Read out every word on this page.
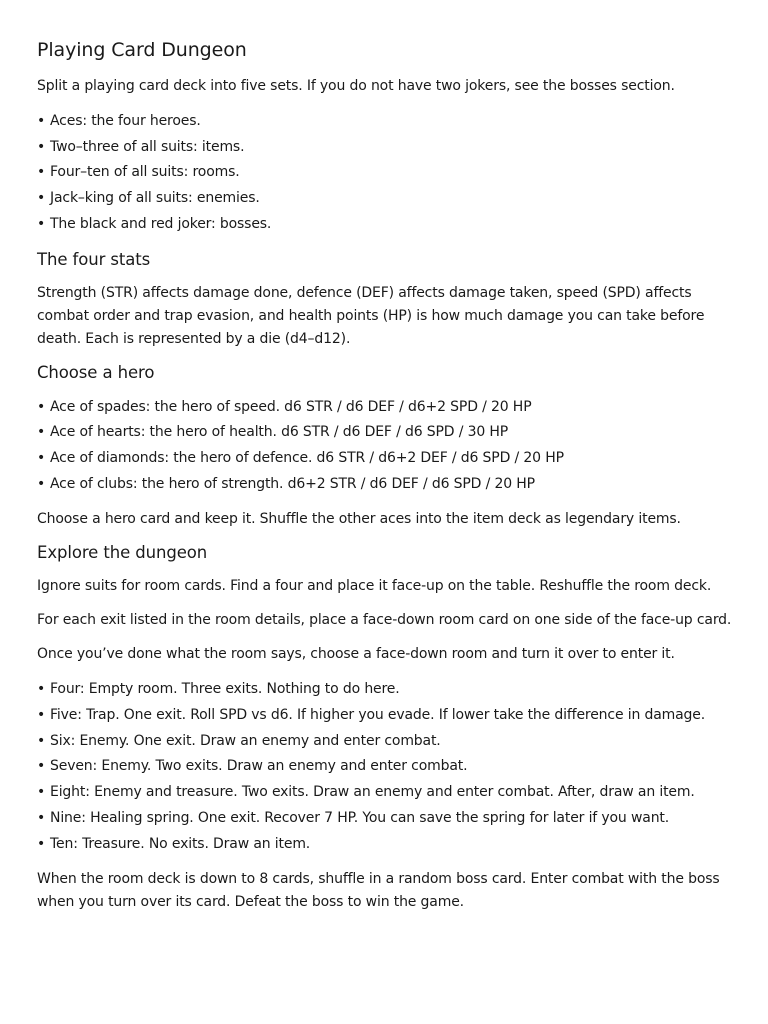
Playing Card Dungeon

Split a playing card deck into five sets. If you do not have two jokers, see the bosses section.

• Aces: the four heroes.
• Two–three of all suits: items.
• Four–ten of all suits: rooms.
• Jack–king of all suits: enemies.
• The black and red joker: bosses.
The four stats

Strength (STR) affects damage done, defence (DEF) affects damage taken, speed (SPD) affects combat order and trap evasion, and health points (HP) is how much damage you can take before death. Each is represented by a die (d4–d12).

Choose a hero
• Ace of spades: the hero of speed. d6 STR / d6 DEF / d6+2 SPD / 20 HP
• Ace of hearts: the hero of health. d6 STR / d6 DEF / d6 SPD / 30 HP
• Ace of diamonds: the hero of defence. d6 STR / d6+2 DEF / d6 SPD / 20 HP
• Ace of clubs: the hero of strength. d6+2 STR / d6 DEF / d6 SPD / 20 HP

Choose a hero card and keep it. Shuffle the other aces into the item deck as legendary items.

Explore the dungeon

Ignore suits for room cards. Find a four and place it face-up on the table. Reshuffle the room deck.

For each exit listed in the room details, place a face-down room card on one side of the face-up card.

Once you’ve done what the room says, choose a face-down room and turn it over to enter it.

• Four: Empty room. Three exits. Nothing to do here.
• Five: Trap. One exit. Roll SPD vs d6. If higher you evade. If lower take the difference in damage.
• Six: Enemy. One exit. Draw an enemy and enter combat.
• Seven: Enemy. Two exits. Draw an enemy and enter combat.
• Eight: Enemy and treasure. Two exits. Draw an enemy and enter combat. After, draw an item.
• Nine: Healing spring. One exit. Recover 7 HP. You can save the spring for later if you want.
• Ten: Treasure. No exits. Draw an item.

When the room deck is down to 8 cards, shuffle in a random boss card. Enter combat with the boss when you turn over its card. Defeat the boss to win the game.
